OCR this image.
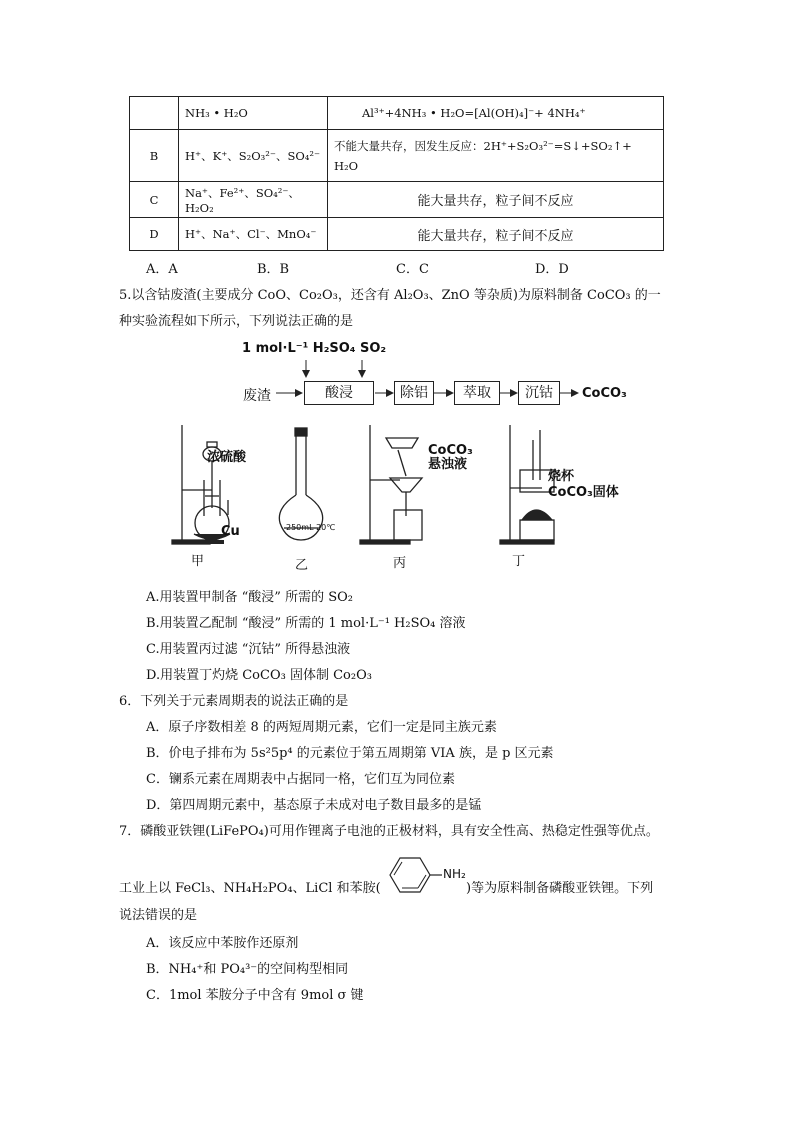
	NH₃ • H₂O	Al³⁺+4NH₃ • H₂O=[Al(OH)₄]⁻+ 4NH₄⁺
B	H⁺、K⁺、S₂O₃²⁻、SO₄²⁻	不能大量共存，因发生反应：2H⁺+S₂O₃²⁻=S↓+SO₂↑+ H₂O
C	Na⁺、Fe²⁺、SO₄²⁻、H₂O₂	能大量共存，粒子间不反应
D	H⁺、Na⁺、Cl⁻、MnO₄⁻	能大量共存，粒子间不反应
A．A	B．B	C．C	D．D
5.以含钴废渣(主要成分 CoO、Co₂O₃，还含有 Al₂O₃、ZnO 等杂质)为原料制备 CoCO₃ 的一
种实验流程如下所示，下列说法正确的是
1 mol·L⁻¹ H₂SO₄ SO₂
废渣	酸浸	除铝	萃取	沉钴	CoCO₃
浓硫酸
Cu	250mL 20℃
CoCO₃ 悬浊液
烧杯
CoCO₃固体
甲	乙	丙	丁
A.用装置甲制备 “酸浸” 所需的 SO₂
B.用装置乙配制 “酸浸” 所需的 1 mol·L⁻¹ H₂SO₄ 溶液
C.用装置丙过滤 “沉钴” 所得悬浊液
D.用装置丁灼烧 CoCO₃ 固体制 Co₂O₃
6．下列关于元素周期表的说法正确的是
A．原子序数相差 8 的两短周期元素，它们一定是同主族元素
B．价电子排布为 5s²5p⁴ 的元素位于第五周期第 VIA 族，是 p 区元素
C．镧系元素在周期表中占据同一格，它们互为同位素
D．第四周期元素中，基态原子未成对电子数目最多的是锰
7．磷酸亚铁锂(LiFePO₄)可用作锂离子电池的正极材料，具有安全性高、热稳定性强等优点。
工业上以 FeCl₃、NH₄H₂PO₄、LiCl 和苯胺(
NH₂
)等为原料制备磷酸亚铁锂。下列
说法错误的是
A．该反应中苯胺作还原剂
B．NH₄⁺和 PO₄³⁻的空间构型相同
C．1mol 苯胺分子中含有 9mol σ 键
